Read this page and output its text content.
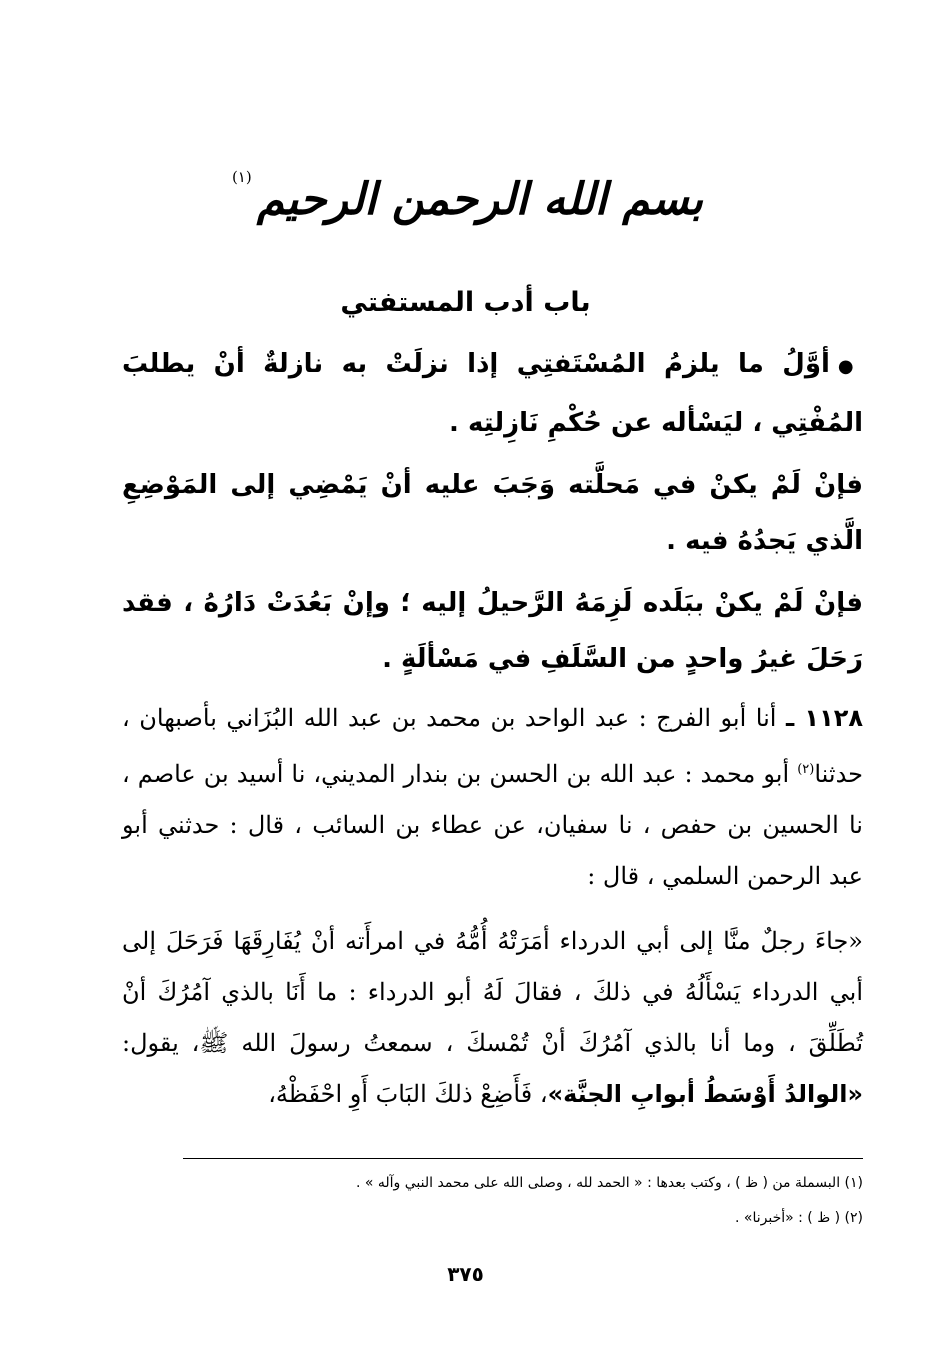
(١) بسم الله الرحمن الرحيم
باب أدب المستفتي

●أوَّلُ ما يلزمُ المُسْتَفتِي إذا نزلَتْ به نازلةٌ أنْ يطلبَ المُفْتِي ، ليَسْأله عن حُكْمِ نَازِلتِه .

فإنْ لَمْ يكنْ في مَحلَّته وَجَبَ عليه أنْ يَمْضِي إلى المَوْضِعِ الَّذي يَجدُهُ فيه .

فإنْ لَمْ يكنْ ببَلَده لَزِمَهُ الرَّحيلُ إليه ؛ وإنْ بَعُدَتْ دَارُهُ ، فقد رَحَلَ غيرُ واحدٍ من السَّلَفِ في مَسْألَةٍ .

١١٢٨ ـ أنا أبو الفرج : عبد الواحد بن محمد بن عبد الله البُزَاني بأصبهان ، حدثنا$^{(٢)}$ أبو محمد : عبد الله بن الحسن بن بندار المديني، نا أسيد بن عاصم ، نا الحسين بن حفص ، نا سفيان، عن عطاء بن السائب ، قال : حدثني أبو عبد الرحمن السلمي ، قال :

«جاءَ رجلٌ منَّا إلى أبي الدرداء أمَرَتْهُ أُمُّهُ في امرأَته أنْ يُفَارِقَهَا فَرَحَلَ إلى أبي الدرداء يَسْأَلُهُ في ذلكَ ، فقالَ لَهُ أبو الدرداء : ما أَنَا بالذي آمُرُكَ أنْ تُطَلِّقَ ، وما أنا بالذي آمُرُكَ أنْ تُمْسكَ ، سمعتُ رسولَ الله ﷺ، يقول: «الوالدُ أَوْسَطُ أبوابِ الجنَّة»، فَأَضِعْ ذلكَ البَابَ أَوِ احْفَظْهُ،

(١) البسملة من ( ظ ) ، وكتب بعدها : « الحمد لله ، وصلى الله على محمد النبي وآله » .
(٢) ( ظ ) : «أخبرنا» .
٣٧٥
